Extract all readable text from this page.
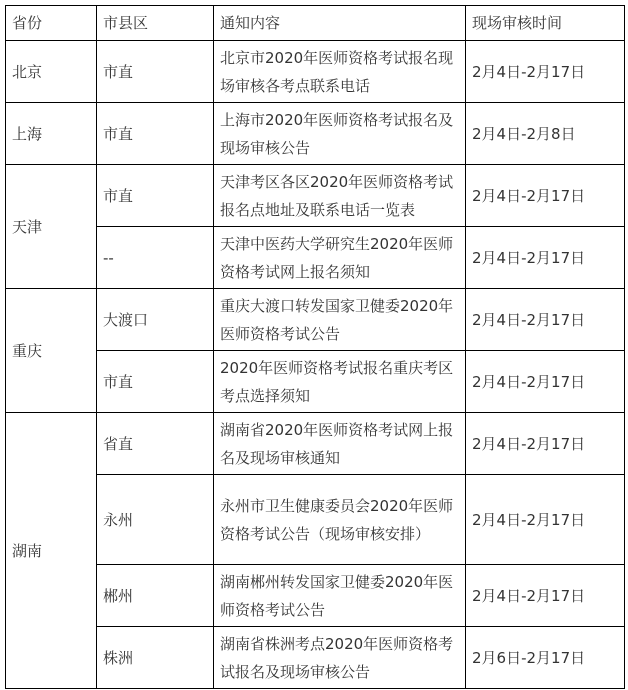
省份	市县区	通知内容	现场审核时间
北京	市直	北京市2020年医师资格考试报名现场审核各考点联系电话	2月4日-2月17日
上海	市直	上海市2020年医师资格考试报名及现场审核公告	2月4日-2月8日
天津	市直	天津考区各区2020年医师资格考试报名点地址及联系电话一览表	2月4日-2月17日
	--	天津中医药大学研究生2020年医师资格考试网上报名须知	2月4日-2月17日
重庆	大渡口	重庆大渡口转发国家卫健委2020年医师资格考试公告	2月4日-2月17日
	市直	2020年医师资格考试报名重庆考区考点选择须知	2月4日-2月17日
湖南	省直	湖南省2020年医师资格考试网上报名及现场审核通知	2月4日-2月17日
	永州	永州市卫生健康委员会2020年医师资格考试公告（现场审核安排）	2月4日-2月17日
	郴州	湖南郴州转发国家卫健委2020年医师资格考试公告	2月4日-2月17日
	株洲	湖南省株洲考点2020年医师资格考试报名及现场审核公告	2月6日-2月17日
